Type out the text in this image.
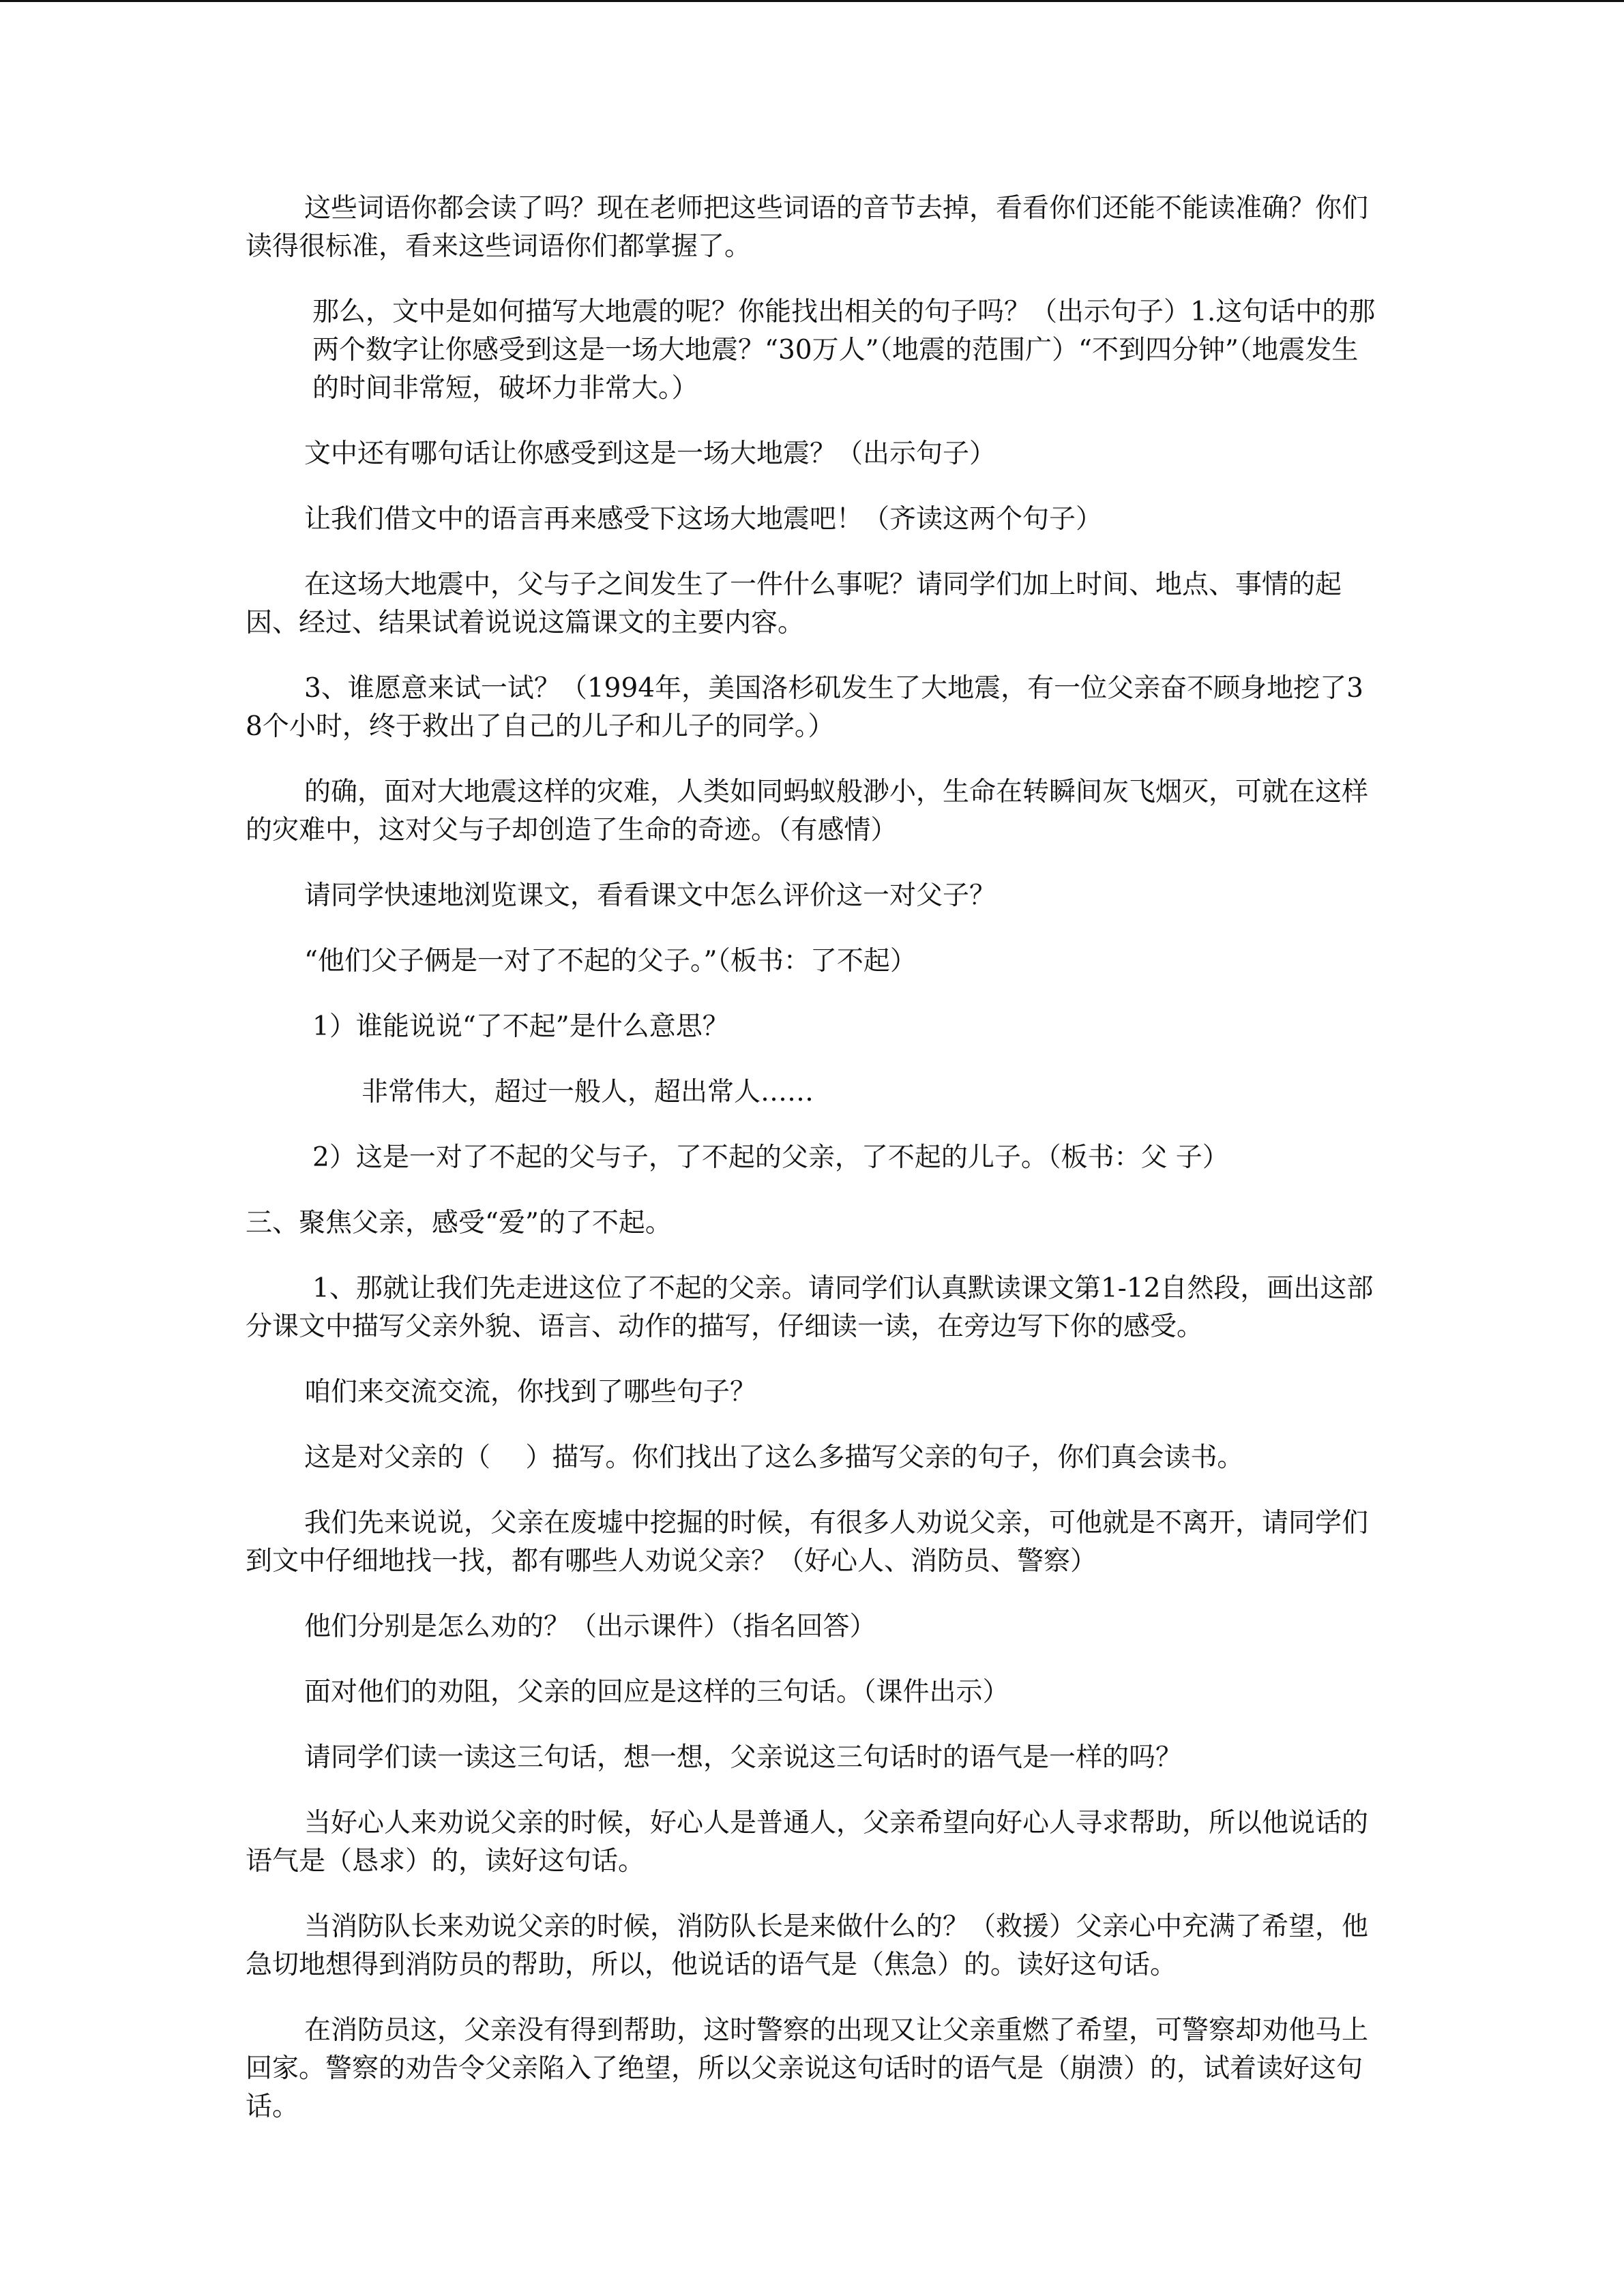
这些词语你都会读了吗？现在老师把这些词语的音节去掉，看看你们还能不能读准确？你们读得很标准，看来这些词语你们都掌握了。

那么，文中是如何描写大地震的呢？你能找出相关的句子吗？（出示句子）1.这句话中的那两个数字让你感受到这是一场大地震？“30万人”（地震的范围广）“不到四分钟”（地震发生的时间非常短，破坏力非常大。）

文中还有哪句话让你感受到这是一场大地震？（出示句子）

让我们借文中的语言再来感受下这场大地震吧！（齐读这两个句子）

在这场大地震中，父与子之间发生了一件什么事呢？请同学们加上时间、地点、事情的起因、经过、结果试着说说这篇课文的主要内容。

3、谁愿意来试一试？（1994年，美国洛杉矶发生了大地震，有一位父亲奋不顾身地挖了38个小时，终于救出了自己的儿子和儿子的同学。）

的确，面对大地震这样的灾难，人类如同蚂蚁般渺小，生命在转瞬间灰飞烟灭，可就在这样的灾难中，这对父与子却创造了生命的奇迹。（有感情）

请同学快速地浏览课文，看看课文中怎么评价这一对父子？

“他们父子俩是一对了不起的父子。”（板书：了不起）

1）谁能说说“了不起”是什么意思？

非常伟大，超过一般人，超出常人……

2）这是一对了不起的父与子，了不起的父亲，了不起的儿子。（板书：父 子）

三、聚焦父亲，感受“爱”的了不起。

1、那就让我们先走进这位了不起的父亲。请同学们认真默读课文第1-12自然段，画出这部分课文中描写父亲外貌、语言、动作的描写，仔细读一读，在旁边写下你的感受。

咱们来交流交流，你找到了哪些句子？

这是对父亲的（　 ）描写。你们找出了这么多描写父亲的句子，你们真会读书。

我们先来说说，父亲在废墟中挖掘的时候，有很多人劝说父亲，可他就是不离开，请同学们到文中仔细地找一找，都有哪些人劝说父亲？（好心人、消防员、警察）

他们分别是怎么劝的？（出示课件）（指名回答）

面对他们的劝阻，父亲的回应是这样的三句话。（课件出示）

请同学们读一读这三句话，想一想，父亲说这三句话时的语气是一样的吗？

当好心人来劝说父亲的时候，好心人是普通人，父亲希望向好心人寻求帮助，所以他说话的语气是（恳求）的，读好这句话。

当消防队长来劝说父亲的时候，消防队长是来做什么的？（救援）父亲心中充满了希望，他急切地想得到消防员的帮助，所以，他说话的语气是（焦急）的。读好这句话。

在消防员这，父亲没有得到帮助，这时警察的出现又让父亲重燃了希望，可警察却劝他马上回家。警察的劝告令父亲陷入了绝望，所以父亲说这句话时的语气是（崩溃）的，试着读好这句话。
